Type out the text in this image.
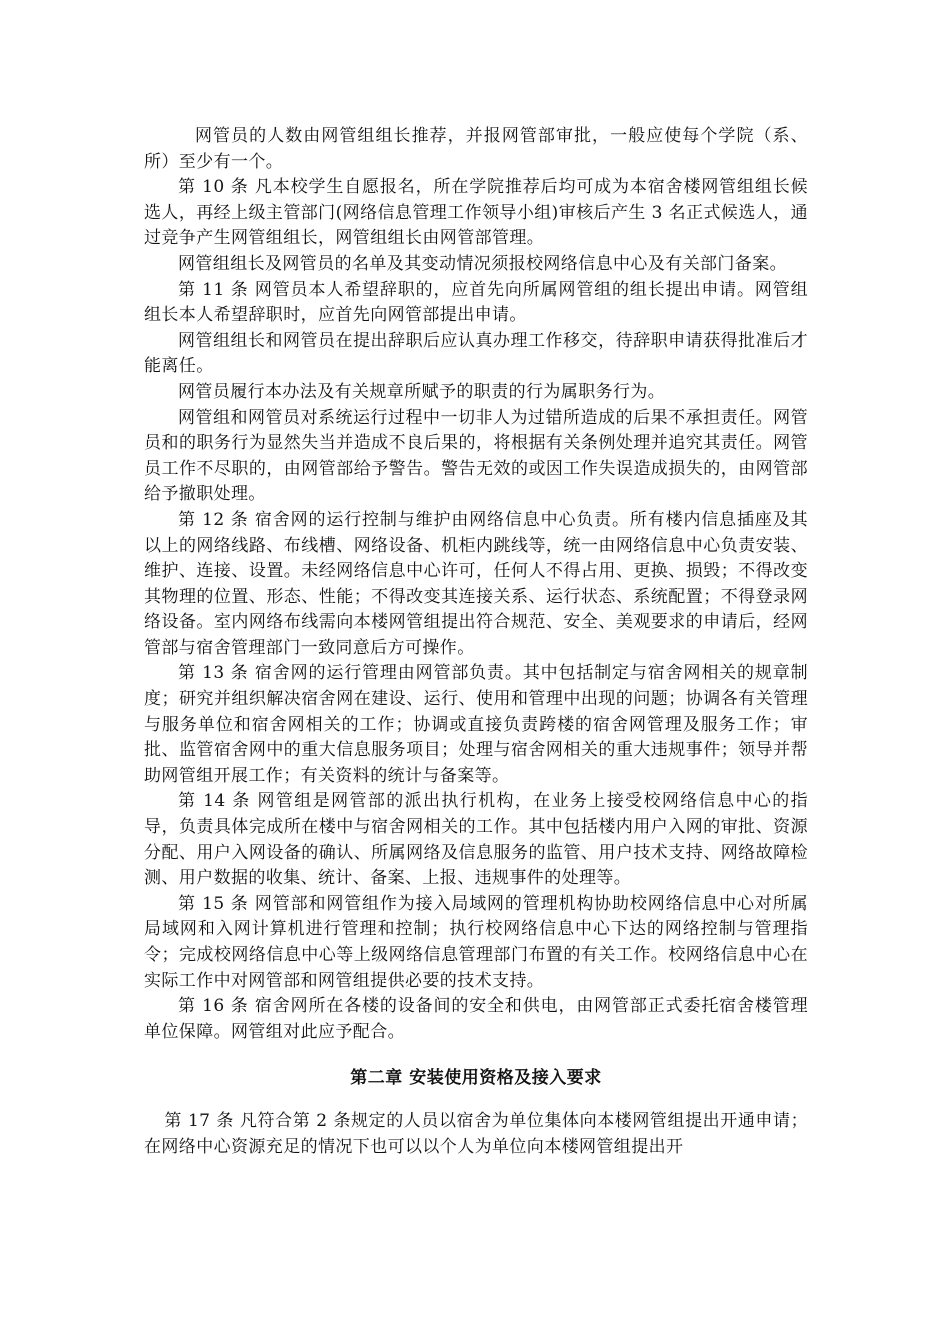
网管员的人数由网管组组长推荐，并报网管部审批，一般应使每个学院（系、所）至少有一个。

第 10 条 凡本校学生自愿报名，所在学院推荐后均可成为本宿舍楼网管组组长候选人，再经上级主管部门(网络信息管理工作领导小组)审核后产生 3 名正式候选人，通过竞争产生网管组组长，网管组组长由网管部管理。

网管组组长及网管员的名单及其变动情况须报校网络信息中心及有关部门备案。

第 11 条 网管员本人希望辞职的，应首先向所属网管组的组长提出申请。网管组组长本人希望辞职时，应首先向网管部提出申请。

网管组组长和网管员在提出辞职后应认真办理工作移交，待辞职申请获得批准后才能离任。

网管员履行本办法及有关规章所赋予的职责的行为属职务行为。

网管组和网管员对系统运行过程中一切非人为过错所造成的后果不承担责任。网管员和的职务行为显然失当并造成不良后果的，将根据有关条例处理并追究其责任。网管员工作不尽职的，由网管部给予警告。警告无效的或因工作失误造成损失的，由网管部给予撤职处理。

第 12 条 宿舍网的运行控制与维护由网络信息中心负责。所有楼内信息插座及其以上的网络线路、布线槽、网络设备、机柜内跳线等，统一由网络信息中心负责安装、维护、连接、设置。未经网络信息中心许可，任何人不得占用、更换、损毁；不得改变其物理的位置、形态、性能；不得改变其连接关系、运行状态、系统配置；不得登录网络设备。室内网络布线需向本楼网管组提出符合规范、安全、美观要求的申请后，经网管部与宿舍管理部门一致同意后方可操作。

第 13 条 宿舍网的运行管理由网管部负责。其中包括制定与宿舍网相关的规章制度；研究并组织解决宿舍网在建设、运行、使用和管理中出现的问题；协调各有关管理与服务单位和宿舍网相关的工作；协调或直接负责跨楼的宿舍网管理及服务工作；审批、监管宿舍网中的重大信息服务项目；处理与宿舍网相关的重大违规事件；领导并帮助网管组开展工作；有关资料的统计与备案等。

第 14 条 网管组是网管部的派出执行机构，在业务上接受校网络信息中心的指导，负责具体完成所在楼中与宿舍网相关的工作。其中包括楼内用户入网的审批、资源分配、用户入网设备的确认、所属网络及信息服务的监管、用户技术支持、网络故障检测、用户数据的收集、统计、备案、上报、违规事件的处理等。

第 15 条 网管部和网管组作为接入局域网的管理机构协助校网络信息中心对所属局域网和入网计算机进行管理和控制；执行校网络信息中心下达的网络控制与管理指令；完成校网络信息中心等上级网络信息管理部门布置的有关工作。校网络信息中心在实际工作中对网管部和网管组提供必要的技术支持。

第 16 条 宿舍网所在各楼的设备间的安全和供电，由网管部正式委托宿舍楼管理单位保障。网管组对此应予配合。

第二章 安装使用资格及接入要求

第 17 条 凡符合第 2 条规定的人员以宿舍为单位集体向本楼网管组提出开通申请；在网络中心资源充足的情况下也可以以个人为单位向本楼网管组提出开
